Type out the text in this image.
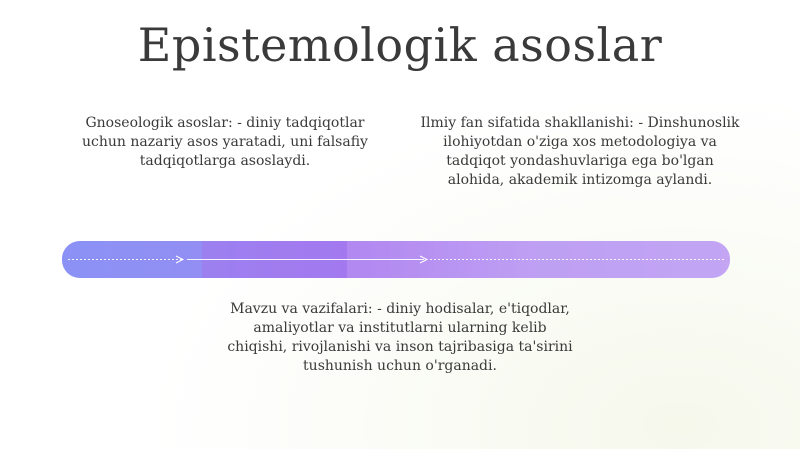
Epistemologik asoslar
Gnoseologik asoslar: - diniy tadqiqotlar uchun nazariy asos yaratadi, uni falsafiy tadqiqotlarga asoslaydi.
Ilmiy fan sifatida shakllanishi: - Dinshunoslik ilohiyotdan o'ziga xos metodologiya va tadqiqot yondashuvlariga ega bo'lgan alohida, akademik intizomga aylandi.
Mavzu va vazifalari: - diniy hodisalar, e'tiqodlar, amaliyotlar va institutlarni ularning kelib chiqishi, rivojlanishi va inson tajribasiga ta'sirini tushunish uchun o'rganadi.
